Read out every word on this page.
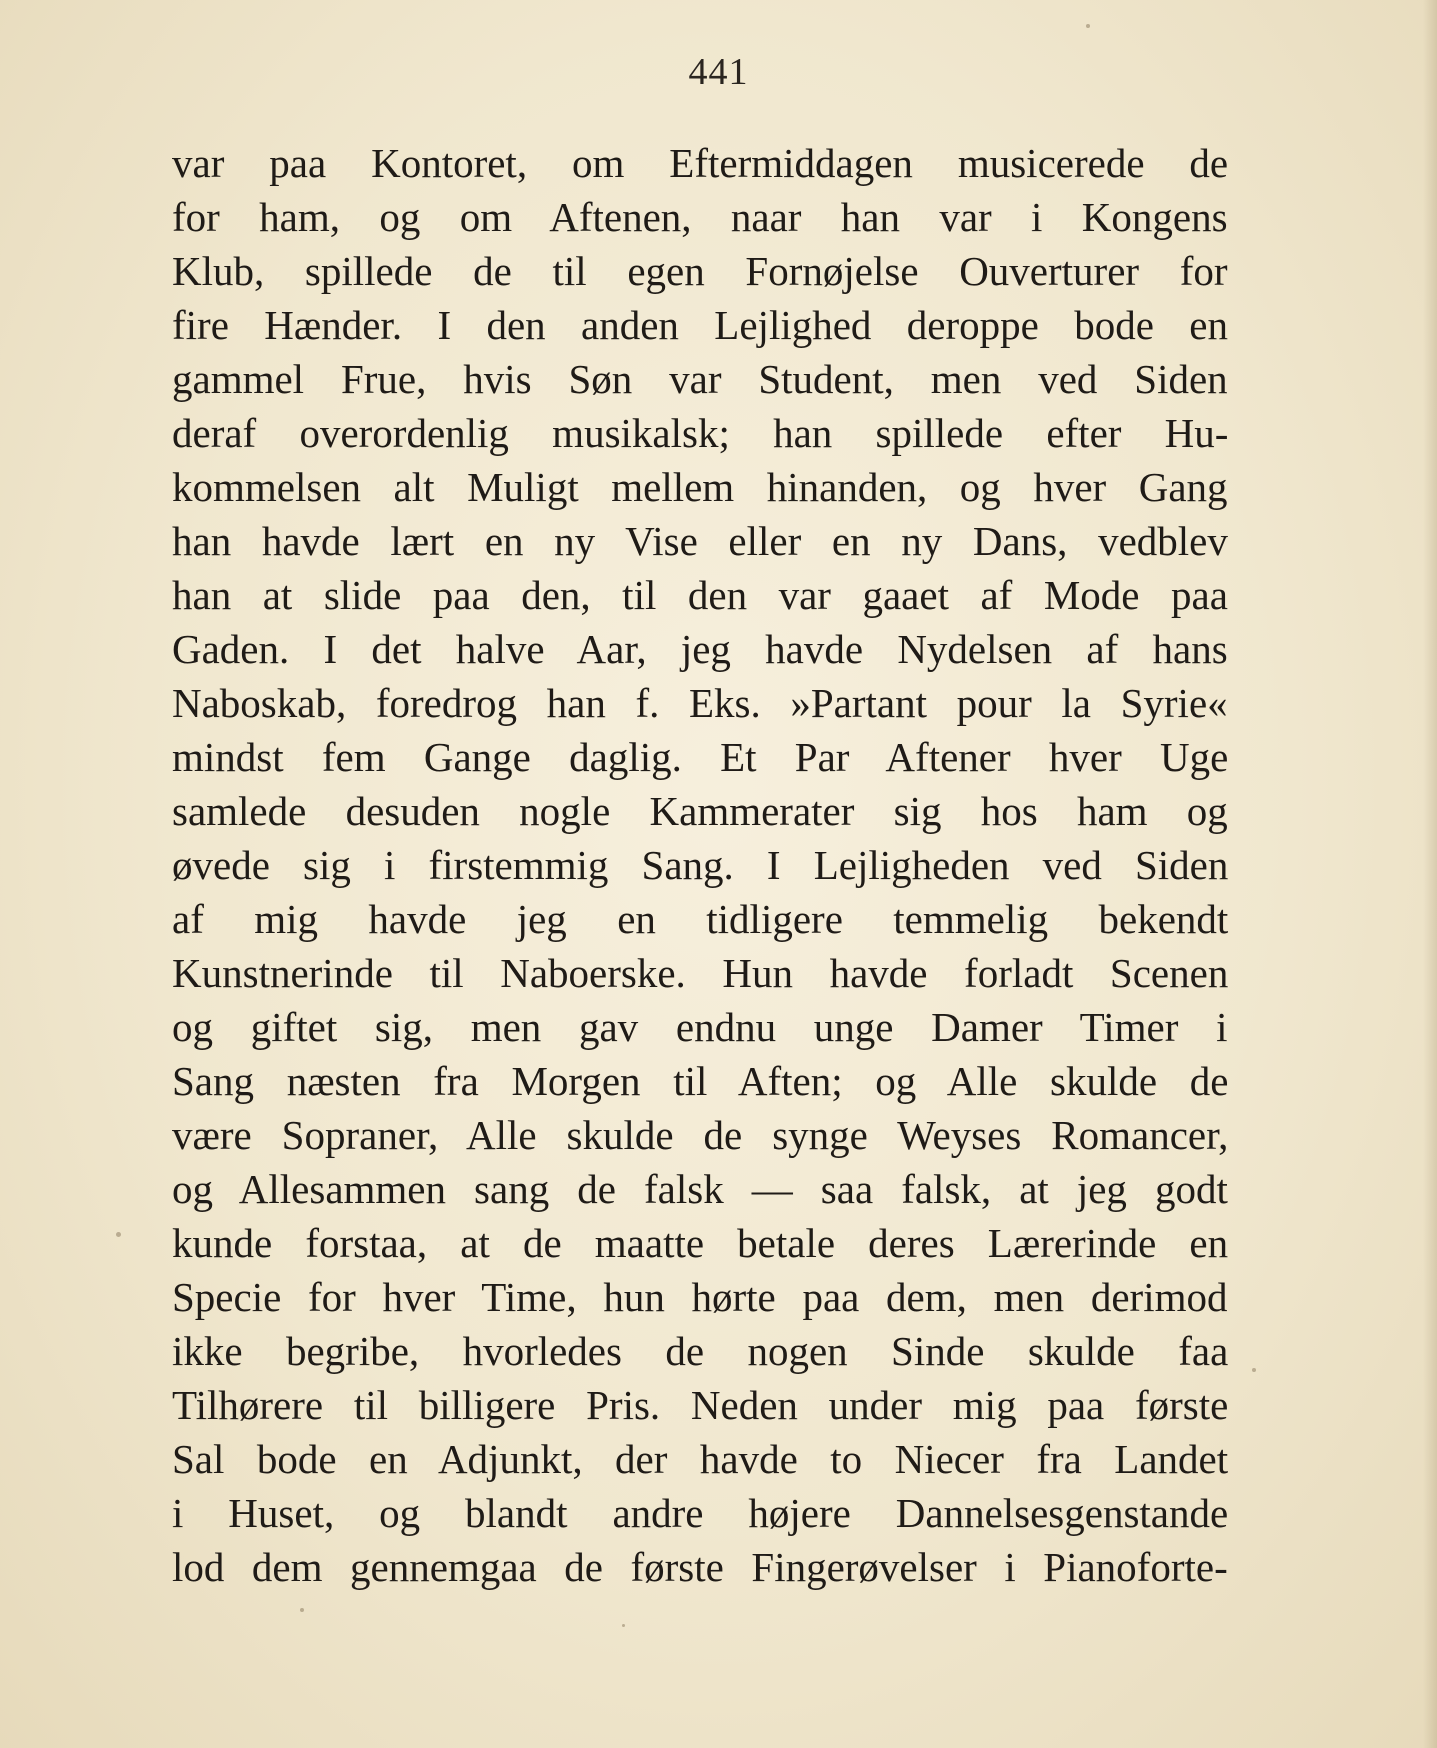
441
var paa Kontoret, om Eftermiddagen musicerede de
for ham, og om Aftenen, naar han var i Kongens
Klub, spillede de til egen Fornøjelse Ouverturer for
fire Hænder. I den anden Lejlighed deroppe bode en
gammel Frue, hvis Søn var Student, men ved Siden
deraf overordenlig musikalsk; han spillede efter Hu-
kommelsen alt Muligt mellem hinanden, og hver Gang
han havde lært en ny Vise eller en ny Dans, vedblev
han at slide paa den, til den var gaaet af Mode paa
Gaden. I det halve Aar, jeg havde Nydelsen af hans
Naboskab, foredrog han f. Eks. »Partant pour la Syrie«
mindst fem Gange daglig. Et Par Aftener hver Uge
samlede desuden nogle Kammerater sig hos ham og
øvede sig i firstemmig Sang. I Lejligheden ved Siden
af mig havde jeg en tidligere temmelig bekendt
Kunstnerinde til Naboerske. Hun havde forladt Scenen
og giftet sig, men gav endnu unge Damer Timer i
Sang næsten fra Morgen til Aften; og Alle skulde de
være Sopraner, Alle skulde de synge Weyses Romancer,
og Allesammen sang de falsk — saa falsk, at jeg godt
kunde forstaa, at de maatte betale deres Lærerinde en
Specie for hver Time, hun hørte paa dem, men derimod
ikke begribe, hvorledes de nogen Sinde skulde faa
Tilhørere til billigere Pris. Neden under mig paa første
Sal bode en Adjunkt, der havde to Niecer fra Landet
i Huset, og blandt andre højere Dannelsesgenstande
lod dem gennemgaa de første Fingerøvelser i Pianoforte-
